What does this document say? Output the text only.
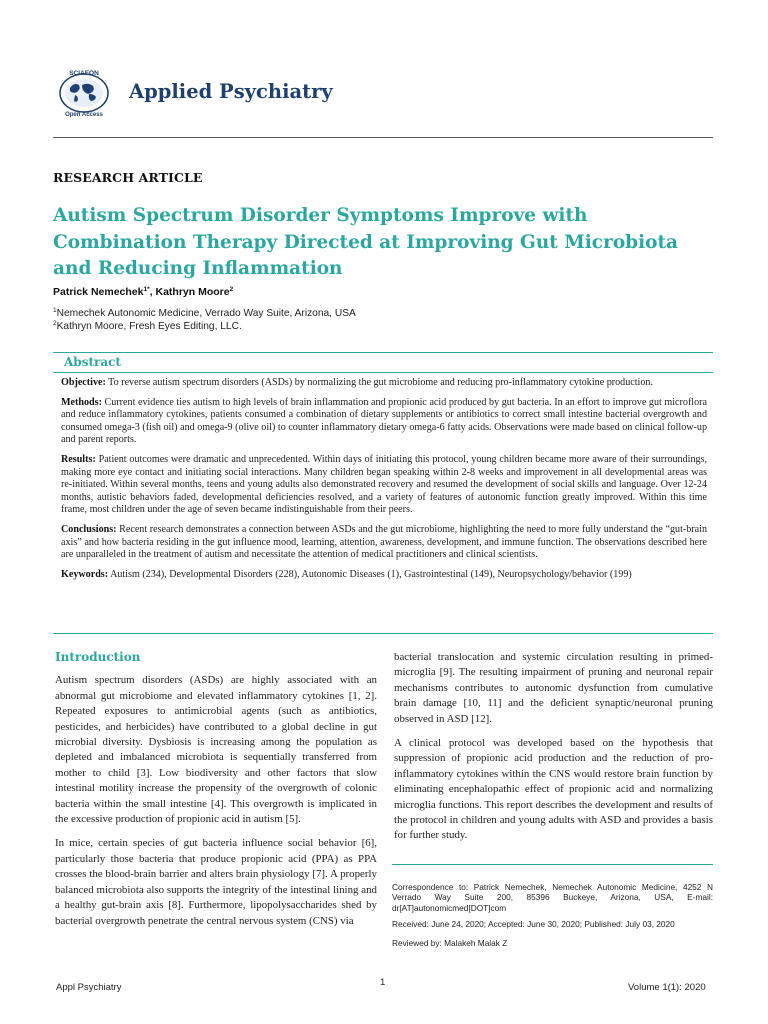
SCIAEON
Open Access
Applied Psychiatry
RESEARCH ARTICLE
Autism Spectrum Disorder Symptoms Improve with
Combination Therapy Directed at Improving Gut Microbiota
and Reducing Inflammation
Patrick Nemechek$^{1*}$, Kathryn Moore$^2$
$^1$Nemechek Autonomic Medicine, Verrado Way Suite, Arizona, USA
$^2$Kathryn Moore, Fresh Eyes Editing, LLC.
Abstract

Objective: To reverse autism spectrum disorders (ASDs) by normalizing the gut microbiome and reducing pro-inflammatory cytokine production.

Methods: Current evidence ties autism to high levels of brain inflammation and propionic acid produced by gut bacteria. In an effort to improve gut microflora and reduce inflammatory cytokines, patients consumed a combination of dietary supplements or antibiotics to correct small intestine bacterial overgrowth and consumed omega-3 (fish oil) and omega-9 (olive oil) to counter inflammatory dietary omega-6 fatty acids. Observations were made based on clinical follow-up and parent reports.

Results: Patient outcomes were dramatic and unprecedented. Within days of initiating this protocol, young children became more aware of their surroundings, making more eye contact and initiating social interactions. Many children began speaking within 2-8 weeks and improvement in all developmental areas was re-initiated. Within several months, teens and young adults also demonstrated recovery and resumed the development of social skills and language. Over 12-24 months, autistic behaviors faded, developmental deficiencies resolved, and a variety of features of autonomic function greatly improved. Within this time frame, most children under the age of seven became indistinguishable from their peers.

Conclusions: Recent research demonstrates a connection between ASDs and the gut microbiome, highlighting the need to more fully understand the “gut-brain axis” and how bacteria residing in the gut influence mood, learning, attention, awareness, development, and immune function. The observations described here are unparalleled in the treatment of autism and necessitate the attention of medical practitioners and clinical scientists.

Keywords: Autism (234), Developmental Disorders (228), Autonomic Diseases (1), Gastrointestinal (149), Neuropsychology/behavior (199)

Introduction

Autism spectrum disorders (ASDs) are highly associated with an abnormal gut microbiome and elevated inflammatory cytokines [1, 2]. Repeated exposures to antimicrobial agents (such as antibiotics, pesticides, and herbicides) have contributed to a global decline in gut microbial diversity. Dysbiosis is increasing among the population as depleted and imbalanced microbiota is sequentially transferred from mother to child [3]. Low biodiversity and other factors that slow intestinal motility increase the propensity of the overgrowth of colonic bacteria within the small intestine [4]. This overgrowth is implicated in the excessive production of propionic acid in autism [5].

In mice, certain species of gut bacteria influence social behavior [6], particularly those bacteria that produce propionic acid (PPA) as PPA crosses the blood-brain barrier and alters brain physiology [7]. A properly balanced microbiota also supports the integrity of the intestinal lining and a healthy gut-brain axis [8]. Furthermore, lipopolysaccharides shed by bacterial overgrowth penetrate the central nervous system (CNS) via

bacterial translocation and systemic circulation resulting in primed-microglia [9]. The resulting impairment of pruning and neuronal repair mechanisms contributes to autonomic dysfunction from cumulative brain damage [10, 11] and the deficient synaptic/neuronal pruning observed in ASD [12].

A clinical protocol was developed based on the hypothesis that suppression of propionic acid production and the reduction of pro-inflammatory cytokines within the CNS would restore brain function by eliminating encephalopathic effect of propionic acid and normalizing microglia functions. This report describes the development and results of the protocol in children and young adults with ASD and provides a basis for further study.

Correspondence to: Patrick Nemechek, Nemechek Autonomic Medicine, 4252 N Verrado Way Suite 200, 85396 Buckeye, Arizona, USA, E-mail: dr[AT]autonomicmed[DOT]com
Received: June 24, 2020; Accepted: June 30, 2020; Published: July 03, 2020
Reviewed by: Malakeh Malak Z
Appl Psychiatry	1	Volume 1(1): 2020
